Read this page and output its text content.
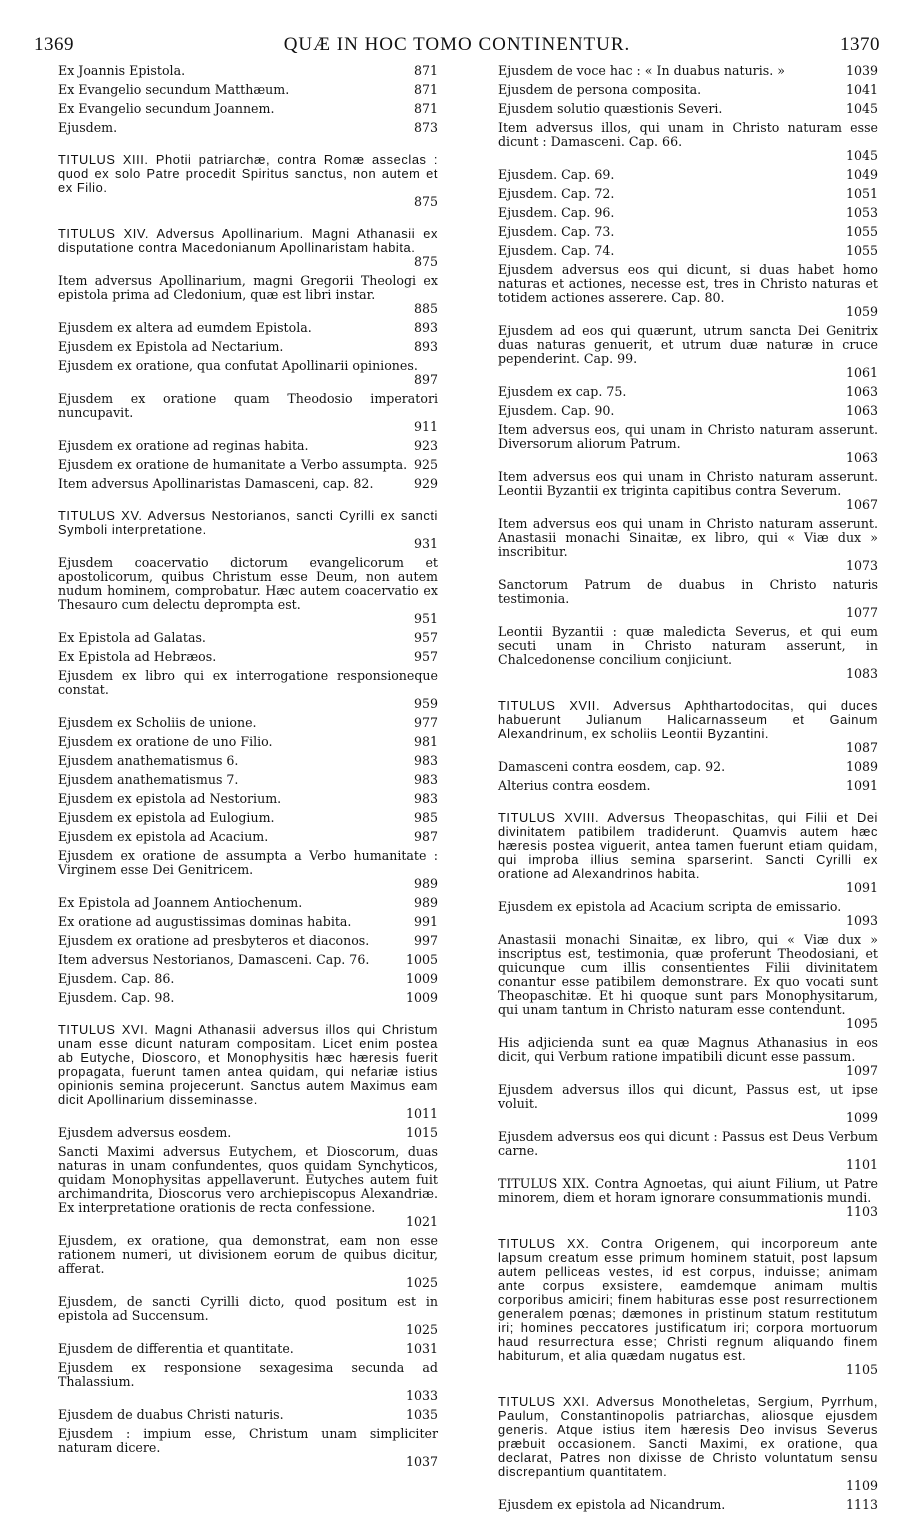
1369	QUÆ IN HOC TOMO CONTINENTUR.	1370
Ex Joannis Epistola.	871
Ex Evangelio secundum Matthæum.	871
Ex Evangelio secundum Joannem.	871
Ejusdem.	873
TITULUS XIII. Photii patriarchæ, contra Romæ asseclas : quod ex solo Patre procedit Spiritus sanctus, non autem et ex Filio.
875
TITULUS XIV. Adversus Apollinarium. Magni Athanasii ex disputatione contra Macedonianum Apollinaristam habita.
875
Item adversus Apollinarium, magni Gregorii Theologi ex epistola prima ad Cledonium, quæ est libri instar.
885
Ejusdem ex altera ad eumdem Epistola.	893
Ejusdem ex Epistola ad Nectarium.	893
Ejusdem ex oratione, qua confutat Apollinarii opiniones.
897
Ejusdem ex oratione quam Theodosio imperatori nuncupavit.
911
Ejusdem ex oratione ad reginas habita.	923
Ejusdem ex oratione de humanitate a Verbo assumpta. 925
Item adversus Apollinaristas Damasceni, cap. 82.	929
TITULUS XV. Adversus Nestorianos, sancti Cyrilli ex sancti Symboli interpretatione.
931
Ejusdem coacervatio dictorum evangelicorum et apostolicorum, quibus Christum esse Deum, non autem nudum hominem, comprobatur. Hæc autem coacervatio ex Thesauro cum delectu deprompta est.
951
Ex Epistola ad Galatas.	957
Ex Epistola ad Hebræos.	957
Ejusdem ex libro qui ex interrogatione responsioneque constat.
959
Ejusdem ex Scholiis de unione.	977
Ejusdem ex oratione de uno Filio.	981
Ejusdem anathematismus 6.	983
Ejusdem anathematismus 7.	983
Ejusdem ex epistola ad Nestorium.	983
Ejusdem ex epistola ad Eulogium.	985
Ejusdem ex epistola ad Acacium.	987
Ejusdem ex oratione de assumpta a Verbo humanitate : Virginem esse Dei Genitricem.
989
Ex Epistola ad Joannem Antiochenum.	989
Ex oratione ad augustissimas dominas habita.	991
Ejusdem ex oratione ad presbyteros et diaconos.	997
Item adversus Nestorianos, Damasceni. Cap. 76.	1005
Ejusdem. Cap. 86.	1009
Ejusdem. Cap. 98.	1009
TITULUS XVI. Magni Athanasii adversus illos qui Christum unam esse dicunt naturam compositam. Licet enim postea ab Eutyche, Dioscoro, et Monophysitis hæc hæresis fuerit propagata, fuerunt tamen antea quidam, qui nefariæ istius opinionis semina projecerunt. Sanctus autem Maximus eam dicit Apollinarium disseminasse.
1011
Ejusdem adversus eosdem.	1015
Sancti Maximi adversus Eutychem, et Dioscorum, duas naturas in unam confundentes, quos quidam Synchyticos, quidam Monophysitas appellaverunt. Eutyches autem fuit archimandrita, Dioscorus vero archiepiscopus Alexandriæ. Ex interpretatione orationis de recta confessione.
1021
Ejusdem, ex oratione, qua demonstrat, eam non esse rationem numeri, ut divisionem eorum de quibus dicitur, afferat.
1025
Ejusdem, de sancti Cyrilli dicto, quod positum est in epistola ad Succensum.
1025
Ejusdem de differentia et quantitate.	1031
Ejusdem ex responsione sexagesima secunda ad Thalassium.
1033
Ejusdem de duabus Christi naturis.	1035
Ejusdem : impium esse, Christum unam simpliciter naturam dicere.
1037
Ejusdem de voce hac : « In duabus naturis. »	1039
Ejusdem de persona composita.	1041
Ejusdem solutio quæstionis Severi.	1045
Item adversus illos, qui unam in Christo naturam esse dicunt : Damasceni. Cap. 66.
1045
Ejusdem. Cap. 69.	1049
Ejusdem. Cap. 72.	1051
Ejusdem. Cap. 96.	1053
Ejusdem. Cap. 73.	1055
Ejusdem. Cap. 74.	1055
Ejusdem adversus eos qui dicunt, si duas habet homo naturas et actiones, necesse est, tres in Christo naturas et totidem actiones asserere. Cap. 80.
1059
Ejusdem ad eos qui quærunt, utrum sancta Dei Genitrix duas naturas genuerit, et utrum duæ naturæ in cruce pependerint. Cap. 99.
1061
Ejusdem ex cap. 75.	1063
Ejusdem. Cap. 90.	1063
Item adversus eos, qui unam in Christo naturam asserunt. Diversorum aliorum Patrum.
1063
Item adversus eos qui unam in Christo naturam asserunt. Leontii Byzantii ex triginta capitibus contra Severum.
1067
Item adversus eos qui unam in Christo naturam asserunt. Anastasii monachi Sinaitæ, ex libro, qui « Viæ dux » inscribitur.
1073
Sanctorum Patrum de duabus in Christo naturis testimonia.
1077
Leontii Byzantii : quæ maledicta Severus, et qui eum secuti unam in Christo naturam asserunt, in Chalcedonense concilium conjiciunt.
1083
TITULUS XVII. Adversus Aphthartodocitas, qui duces habuerunt Julianum Halicarnasseum et Gainum Alexandrinum, ex scholiis Leontii Byzantini.
1087
Damasceni contra eosdem, cap. 92.	1089
Alterius contra eosdem.	1091
TITULUS XVIII. Adversus Theopaschitas, qui Filii et Dei divinitatem patibilem tradiderunt. Quamvis autem hæc hæresis postea viguerit, antea tamen fuerunt etiam quidam, qui improba illius semina sparserint. Sancti Cyrilli ex oratione ad Alexandrinos habita.
1091
Ejusdem ex epistola ad Acacium scripta de emissario.
1093
Anastasii monachi Sinaitæ, ex libro, qui « Viæ dux » inscriptus est, testimonia, quæ proferunt Theodosiani, et quicunque cum illis consentientes Filii divinitatem conantur esse patibilem demonstrare. Ex quo vocati sunt Theopaschitæ. Et hi quoque sunt pars Monophysitarum, qui unam tantum in Christo naturam esse contendunt.
1095
His adjicienda sunt ea quæ Magnus Athanasius in eos dicit, qui Verbum ratione impatibili dicunt esse passum.
1097
Ejusdem adversus illos qui dicunt, Passus est, ut ipse voluit.
1099
Ejusdem adversus eos qui dicunt : Passus est Deus Verbum carne.
1101
TITULUS XIX. Contra Agnoetas, qui aiunt Filium, ut Patre minorem, diem et horam ignorare consummationis mundi.
1103
TITULUS XX. Contra Origenem, qui incorporeum ante lapsum creatum esse primum hominem statuit, post lapsum autem pelliceas vestes, id est corpus, induisse; animam ante corpus exsistere, eamdemque animam multis corporibus amiciri; finem habituras esse post resurrectionem generalem pœnas; dæmones in pristinum statum restitutum iri; homines peccatores justificatum iri; corpora mortuorum haud resurrectura esse; Christi regnum aliquando finem habiturum, et alia quædam nugatus est.
1105
TITULUS XXI. Adversus Monotheletas, Sergium, Pyrrhum, Paulum, Constantinopolis patriarchas, aliosque ejusdem generis. Atque istius item hæresis Deo invisus Severus præbuit occasionem. Sancti Maximi, ex oratione, qua declarat, Patres non dixisse de Christo voluntatum sensu discrepantium quantitatem.
1109
Ejusdem ex epistola ad Nicandrum.	1113
